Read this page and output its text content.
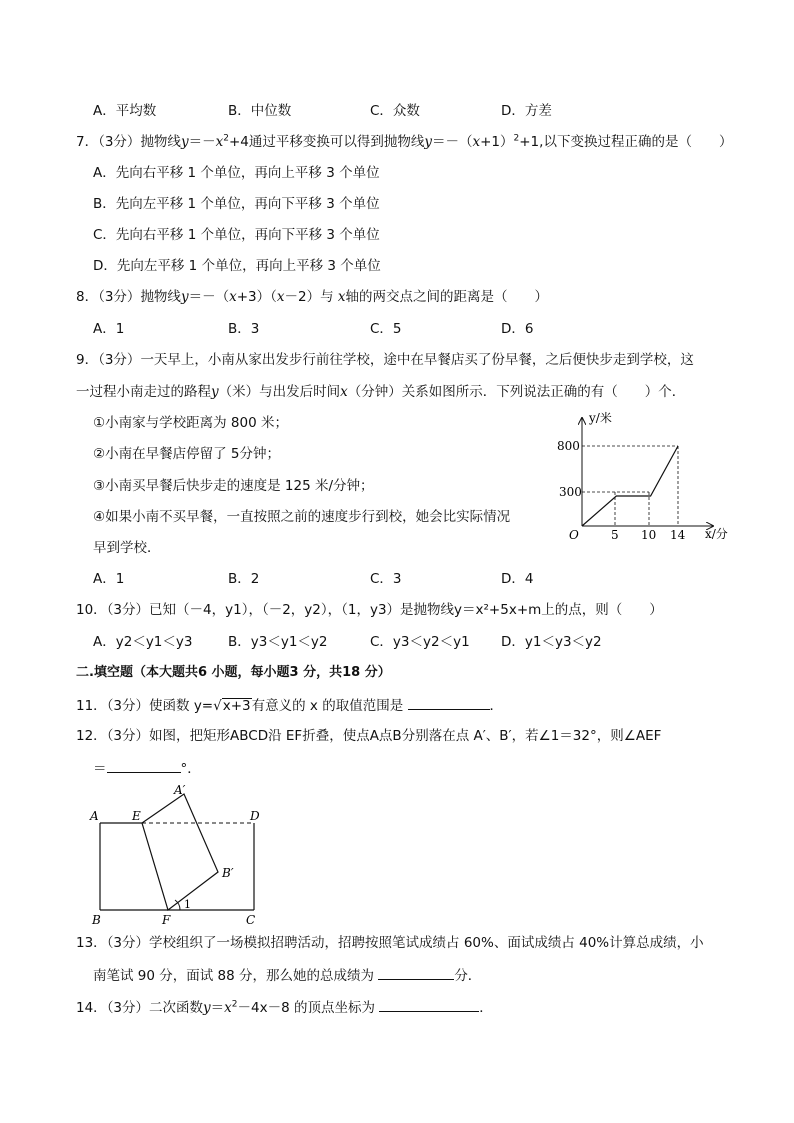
A．平均数	B．中位数	C．众数	D．方差
7．（3分）抛物线$y=-x^2+4$通过平移变换可以得到抛物线$y=-(x+1)^2+1$,以下变换过程正确的是（　　）
A．先向右平移 1 个单位，再向上平移 3 个单位
B．先向左平移 1 个单位，再向下平移 3 个单位
C．先向右平移 1 个单位，再向下平移 3 个单位
D．先向左平移 1 个单位，再向上平移 3 个单位
8．（3分）抛物线y＝－（x+3）（x－2）与 x轴的两交点之间的距离是（　　）
A．1	B．3	C．5	D．6
9．（3分）一天早上，小南从家出发步行前往学校，途中在早餐店买了份早餐，之后便快步走到学校，这
一过程小南走过的路程y（米）与出发后时间x（分钟）关系如图所示．下列说法正确的有（　　）个．
①小南家与学校距离为 800 米；
②小南在早餐店停留了 5分钟；
③小南买早餐后快步走的速度是 125 米/分钟；
④如果小南不买早餐，一直按照之前的速度步行到校，她会比实际情况
早到学校．
y/米
x/分
O
800
300
5 10 14
A．1	B．2	C．3	D．4
10．（3分）已知（－4，y1），（－2，y2），（1，y3）是抛物线y＝x²+5x+m上的点，则（　　）
A．y2＜y1＜y3	B．y3＜y1＜y2	C．y3＜y2＜y1 D．y1＜y3＜y2
二.填空题（本大题共6 小题，每小题3 分，共18 分）
11．（3分）使函数 y=√x+3有意义的 x 的取值范围是	．
12．（3分）如图，把矩形ABCD沿 EF折叠，使点A点B分别落在点 A′、B′，若∠1＝32°，则∠AEF
＝	°．
A	E	D
A′
B′
B	F	C
1
13．（3分）学校组织了一场模拟招聘活动，招聘按照笔试成绩占 60%、面试成绩占 40%计算总成绩，小
南笔试 90 分，面试 88 分，那么她的总成绩为	分．
14．（3分）二次函数$y=x^2-4x-8$ 的顶点坐标为	．
